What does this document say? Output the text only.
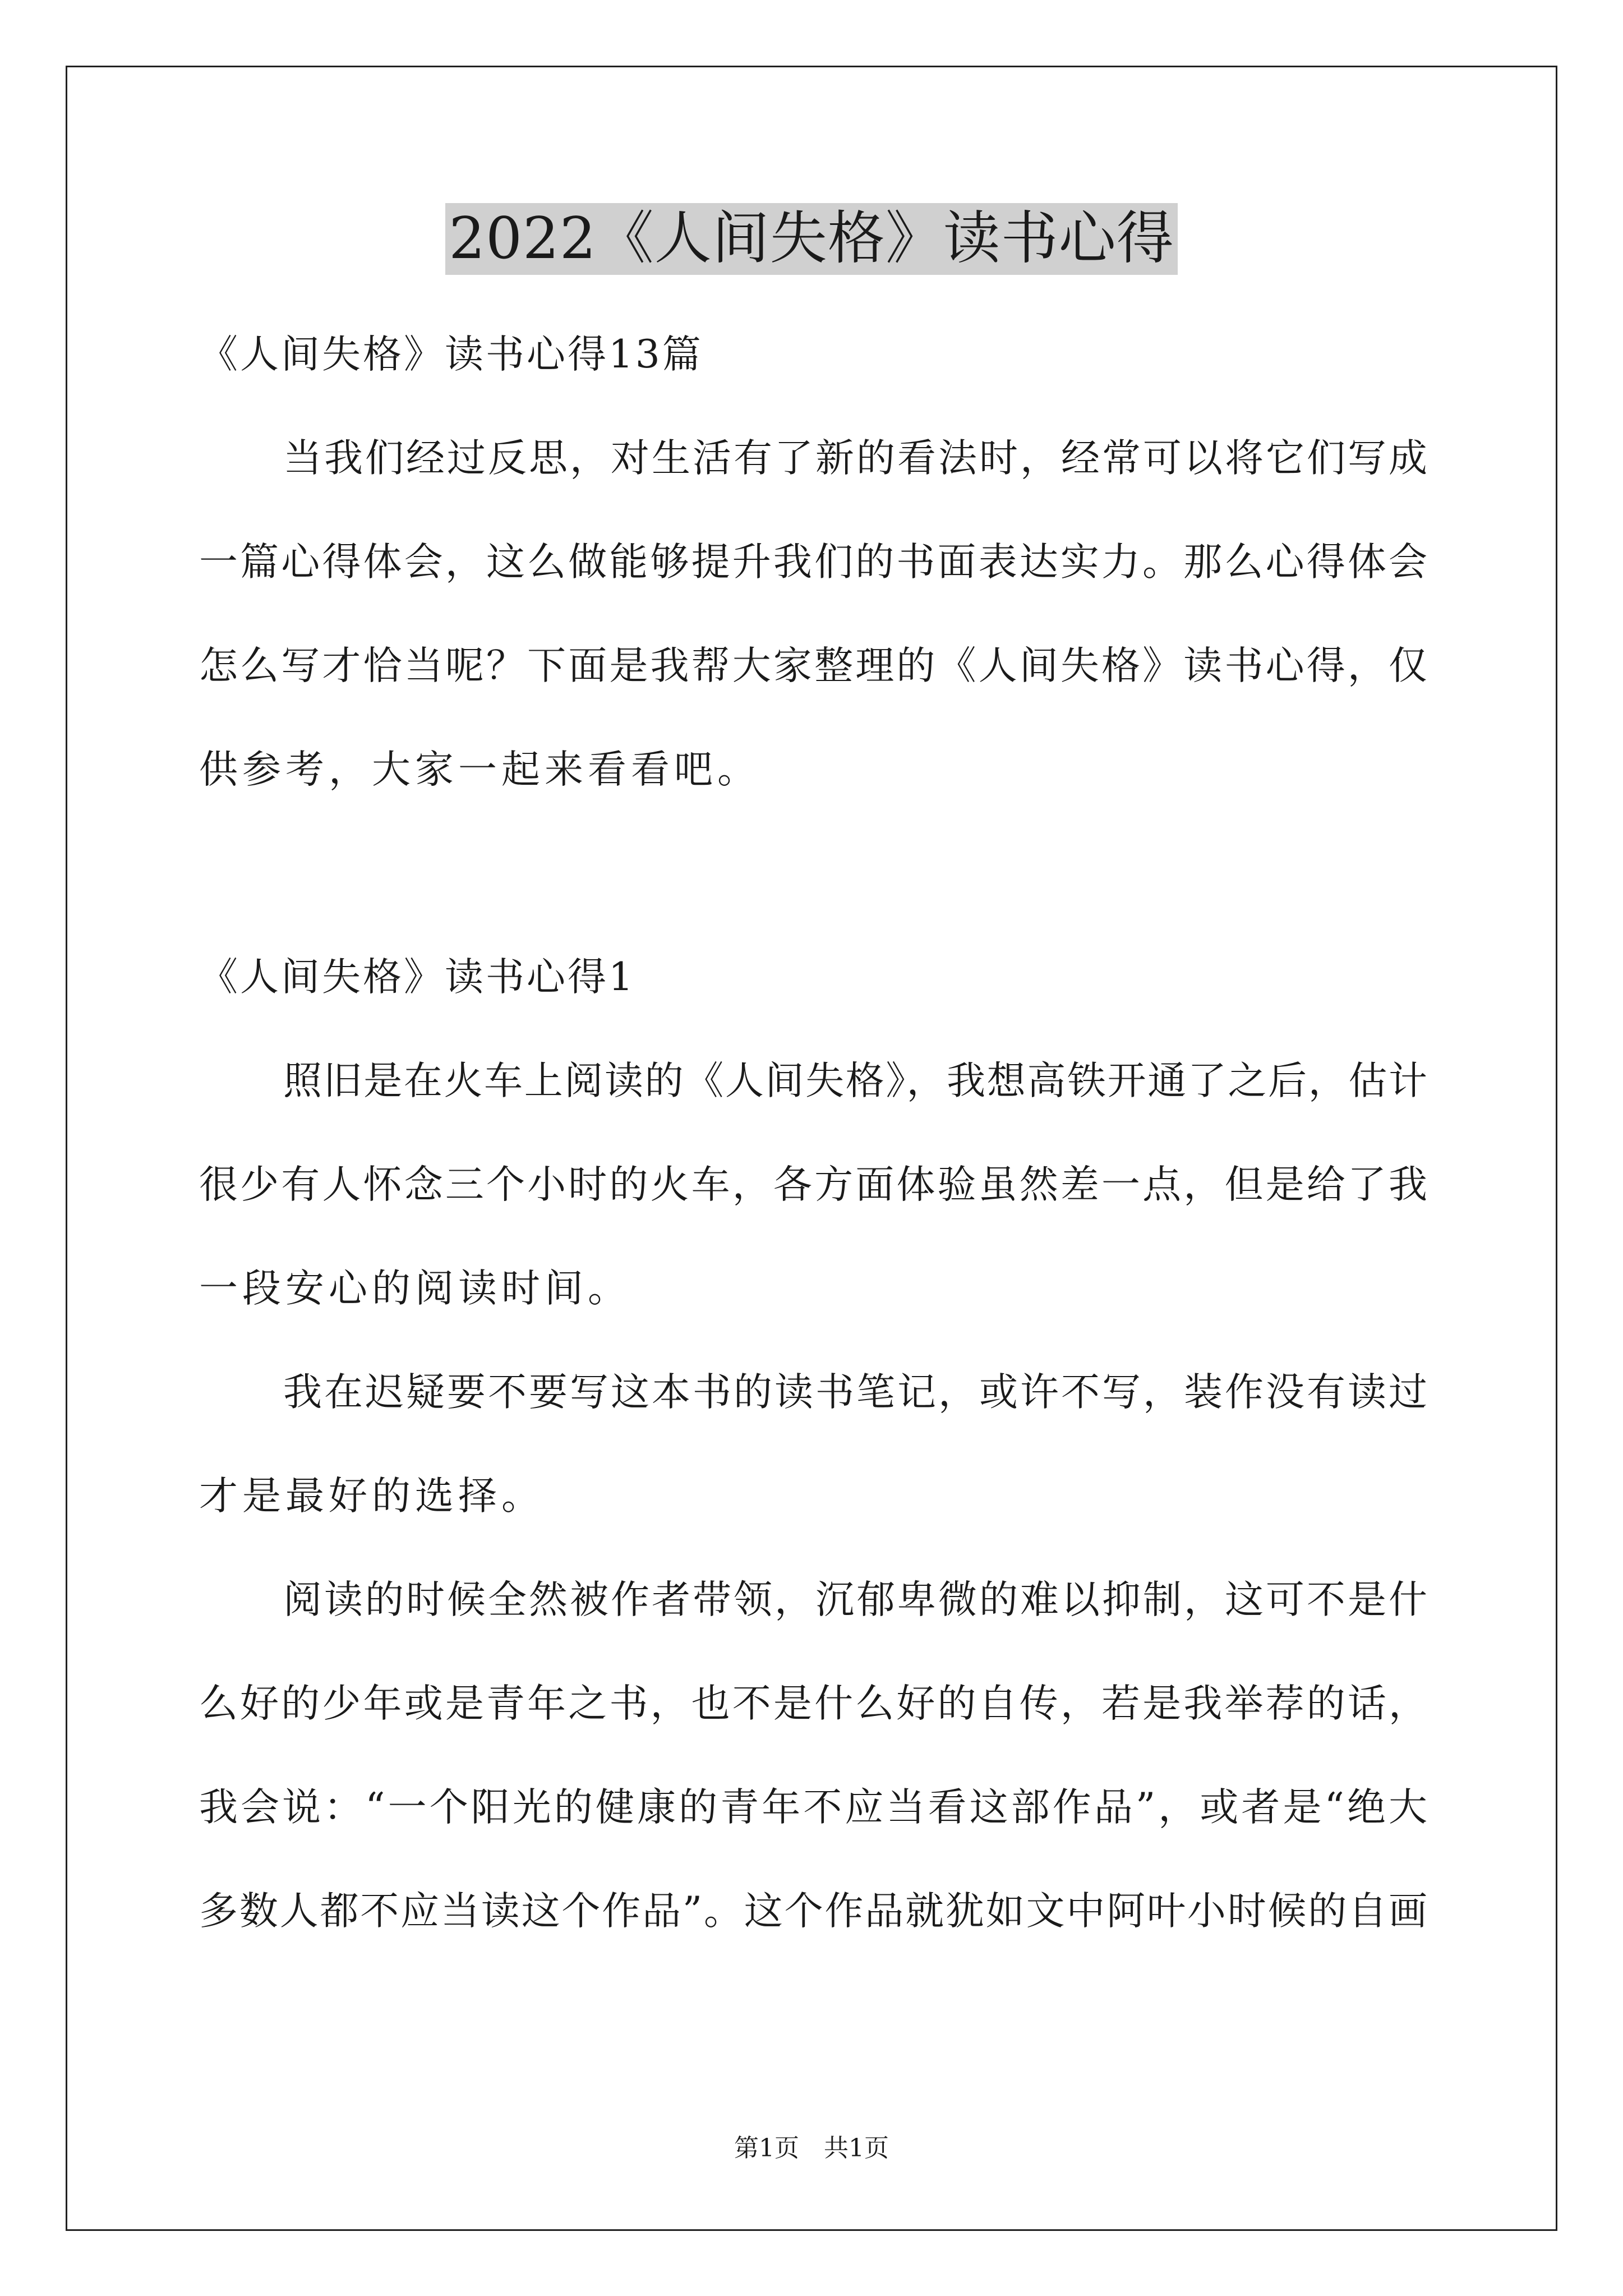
2022《人间失格》读书心得
《人间失格》读书心得13篇
当我们经过反思，对生活有了新的看法时，经常可以将它们写成
一篇心得体会，这么做能够提升我们的书面表达实力。那么心得体会
怎么写才恰当呢？下面是我帮大家整理的《人间失格》读书心得，仅
供参考，大家一起来看看吧。
《人间失格》读书心得1
照旧是在火车上阅读的《人间失格》，我想高铁开通了之后，估计
很少有人怀念三个小时的火车，各方面体验虽然差一点，但是给了我
一段安心的阅读时间。
我在迟疑要不要写这本书的读书笔记，或许不写，装作没有读过
才是最好的选择。
阅读的时候全然被作者带领，沉郁卑微的难以抑制，这可不是什
么好的少年或是青年之书，也不是什么好的自传，若是我举荐的话，
我会说：“一个阳光的健康的青年不应当看这部作品”，或者是“绝大
多数人都不应当读这个作品”。这个作品就犹如文中阿叶小时候的自画
第1页　共1页
